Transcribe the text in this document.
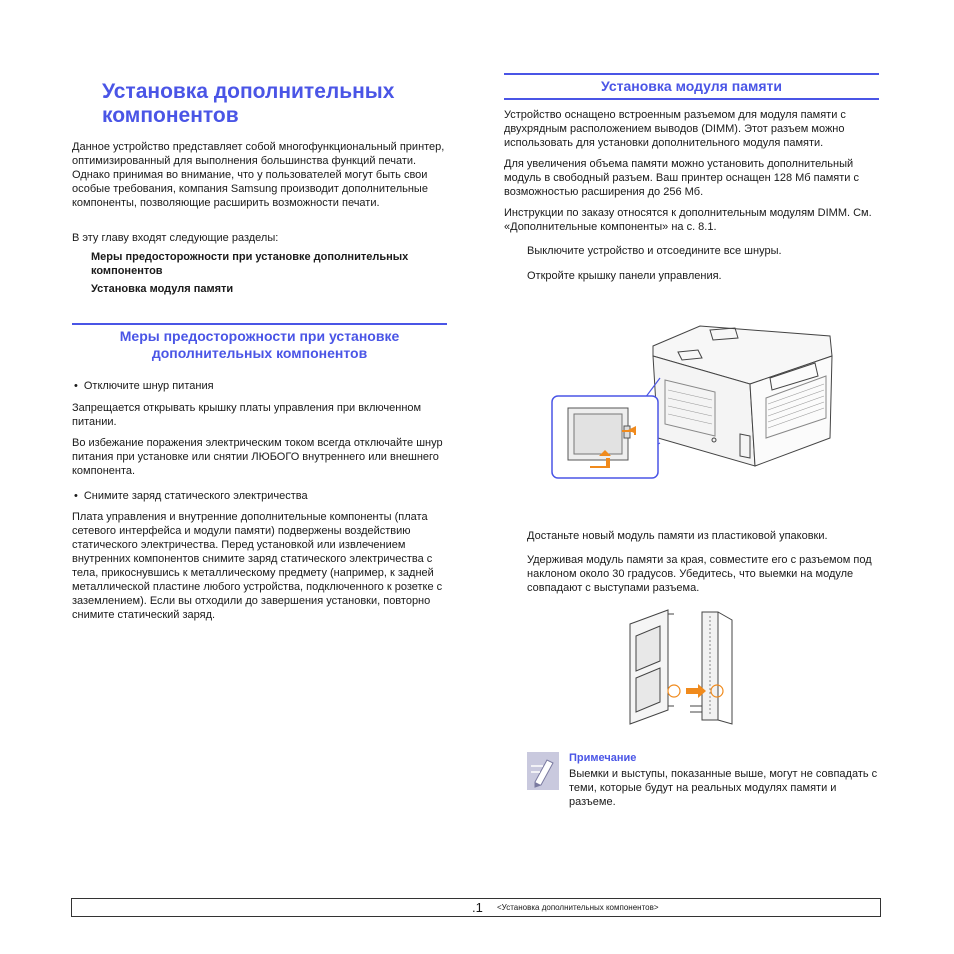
Установка дополнительных компонентов

Данное устройство представляет собой многофункциональный принтер, оптимизированный для выполнения большинства функций печати. Однако принимая во внимание, что у пользователей могут быть свои особые требования, компания Samsung производит дополнительные компоненты, позволяющие расширить возможности печати.

В эту главу входят следующие разделы:

Меры предосторожности при установке дополнительных компонентов

Установка модуля памяти

Меры предосторожности при установке дополнительных компонентов

• Отключите шнур питания

Запрещается открывать крышку платы управления при включенном питании.

Во избежание поражения электрическим током всегда отключайте шнур питания при установке или снятии ЛЮБОГО внутреннего или внешнего компонента.

• Снимите заряд статического электричества

Плата управления и внутренние дополнительные компоненты (плата сетевого интерфейса и модули памяти) подвержены воздействию статического электричества. Перед установкой или извлечением внутренних компонентов снимите заряд статического электричества с тела, прикоснувшись к металлическому предмету (например, к задней металлической пластине любого устройства, подключенного к розетке с заземлением). Если вы отходили до завершения установки, повторно снимите статический заряд.

Установка модуля памяти

Устройство оснащено встроенным разъемом для модуля памяти с двухрядным расположением выводов (DIMM). Этот разъем можно использовать для установки дополнительного модуля памяти.

Для увеличения объема памяти можно установить дополнительный модуль в свободный разъем. Ваш принтер оснащен 128 Мб памяти с возможностью расширения до 256 Мб.

Инструкции по заказу относятся к дополнительным модулям DIMM. См. «Дополнительные компоненты» на с. 8.1.

Выключите устройство и отсоедините все шнуры.

Откройте крышку панели управления.

Достаньте новый модуль памяти из пластиковой упаковки.

Удерживая модуль памяти за края, совместите его с разъемом под наклоном около 30 градусов. Убедитесь, что выемки на модуле совпадают с выступами разъема.

Примечание

Выемки и выступы, показанные выше, могут не совпадать с теми, которые будут на реальных модулях памяти и разъеме.

.1 <Установка дополнительных компонентов>
